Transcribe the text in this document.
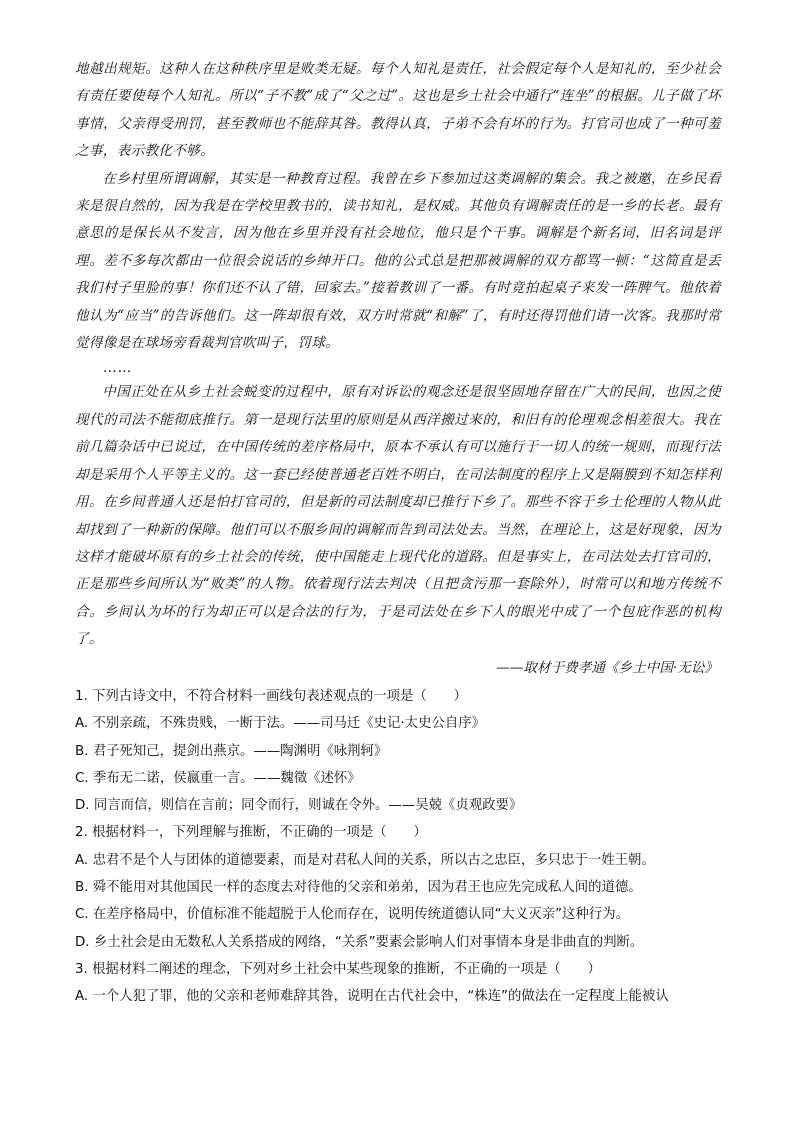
地越出规矩。这种人在这种秩序里是败类无疑。每个人知礼是责任，社会假定每个人是知礼的，至少社会有责任要使每个人知礼。所以“子不教”成了“父之过”。这也是乡土社会中通行“连坐”的根据。儿子做了坏事情，父亲得受刑罚，甚至教师也不能辞其咎。教得认真，子弟不会有坏的行为。打官司也成了一种可羞之事，表示教化不够。

在乡村里所谓调解，其实是一种教育过程。我曾在乡下参加过这类调解的集会。我之被邀，在乡民看来是很自然的，因为我是在学校里教书的，读书知礼，是权威。其他负有调解责任的是一乡的长老。最有意思的是保长从不发言，因为他在乡里并没有社会地位，他只是个干事。调解是个新名词，旧名词是评理。差不多每次都由一位很会说话的乡绅开口。他的公式总是把那被调解的双方都骂一顿：“这简直是丢我们村子里脸的事！你们还不认了错，回家去。”接着教训了一番。有时竟拍起桌子来发一阵脾气。他依着他认为“应当”的告诉他们。这一阵却很有效，双方时常就“和解”了，有时还得罚他们请一次客。我那时常觉得像是在球场旁看裁判官吹叫子，罚球。

……

中国正处在从乡土社会蜕变的过程中，原有对诉讼的观念还是很坚固地存留在广大的民间，也因之使现代的司法不能彻底推行。第一是现行法里的原则是从西洋搬过来的，和旧有的伦理观念相差很大。我在前几篇杂话中已说过，在中国传统的差序格局中，原本不承认有可以施行于一切人的统一规则，而现行法却是采用个人平等主义的。这一套已经使普通老百姓不明白，在司法制度的程序上又是隔膜到不知怎样利用。在乡间普通人还是怕打官司的，但是新的司法制度却已推行下乡了。那些不容于乡土伦理的人物从此却找到了一种新的保障。他们可以不服乡间的调解而告到司法处去。当然，在理论上，这是好现象，因为这样才能破坏原有的乡土社会的传统，使中国能走上现代化的道路。但是事实上，在司法处去打官司的，正是那些乡间所认为“败类”的人物。依着现行法去判决（且把贪污那一套除外），时常可以和地方传统不合。乡间认为坏的行为却正可以是合法的行为，于是司法处在乡下人的眼光中成了一个包庇作恶的机构了。

——取材于费孝通《乡土中国·无讼》

1. 下列古诗文中，不符合材料一画线句表述观点的一项是（　　）

A. 不别亲疏，不殊贵贱，一断于法。——司马迁《史记·太史公自序》

B. 君子死知己，提剑出燕京。——陶渊明《咏荆轲》

C. 季布无二诺，侯嬴重一言。——魏徵《述怀》

D. 同言而信，则信在言前；同令而行，则诚在令外。——吴兢《贞观政要》

2. 根据材料一，下列理解与推断，不正确的一项是（　　）

A. 忠君不是个人与团体的道德要素，而是对君私人间的关系，所以古之忠臣，多只忠于一姓王朝。

B. 舜不能用对其他国民一样的态度去对待他的父亲和弟弟，因为君王也应先完成私人间的道德。

C. 在差序格局中，价值标准不能超脱于人伦而存在，说明传统道德认同“大义灭亲”这种行为。

D. 乡土社会是由无数私人关系搭成的网络，“关系”要素会影响人们对事情本身是非曲直的判断。

3. 根据材料二阐述的理念，下列对乡土社会中某些现象的推断，不正确的一项是（　　）

A. 一个人犯了罪，他的父亲和老师难辞其咎，说明在古代社会中，“株连”的做法在一定程度上能被认
